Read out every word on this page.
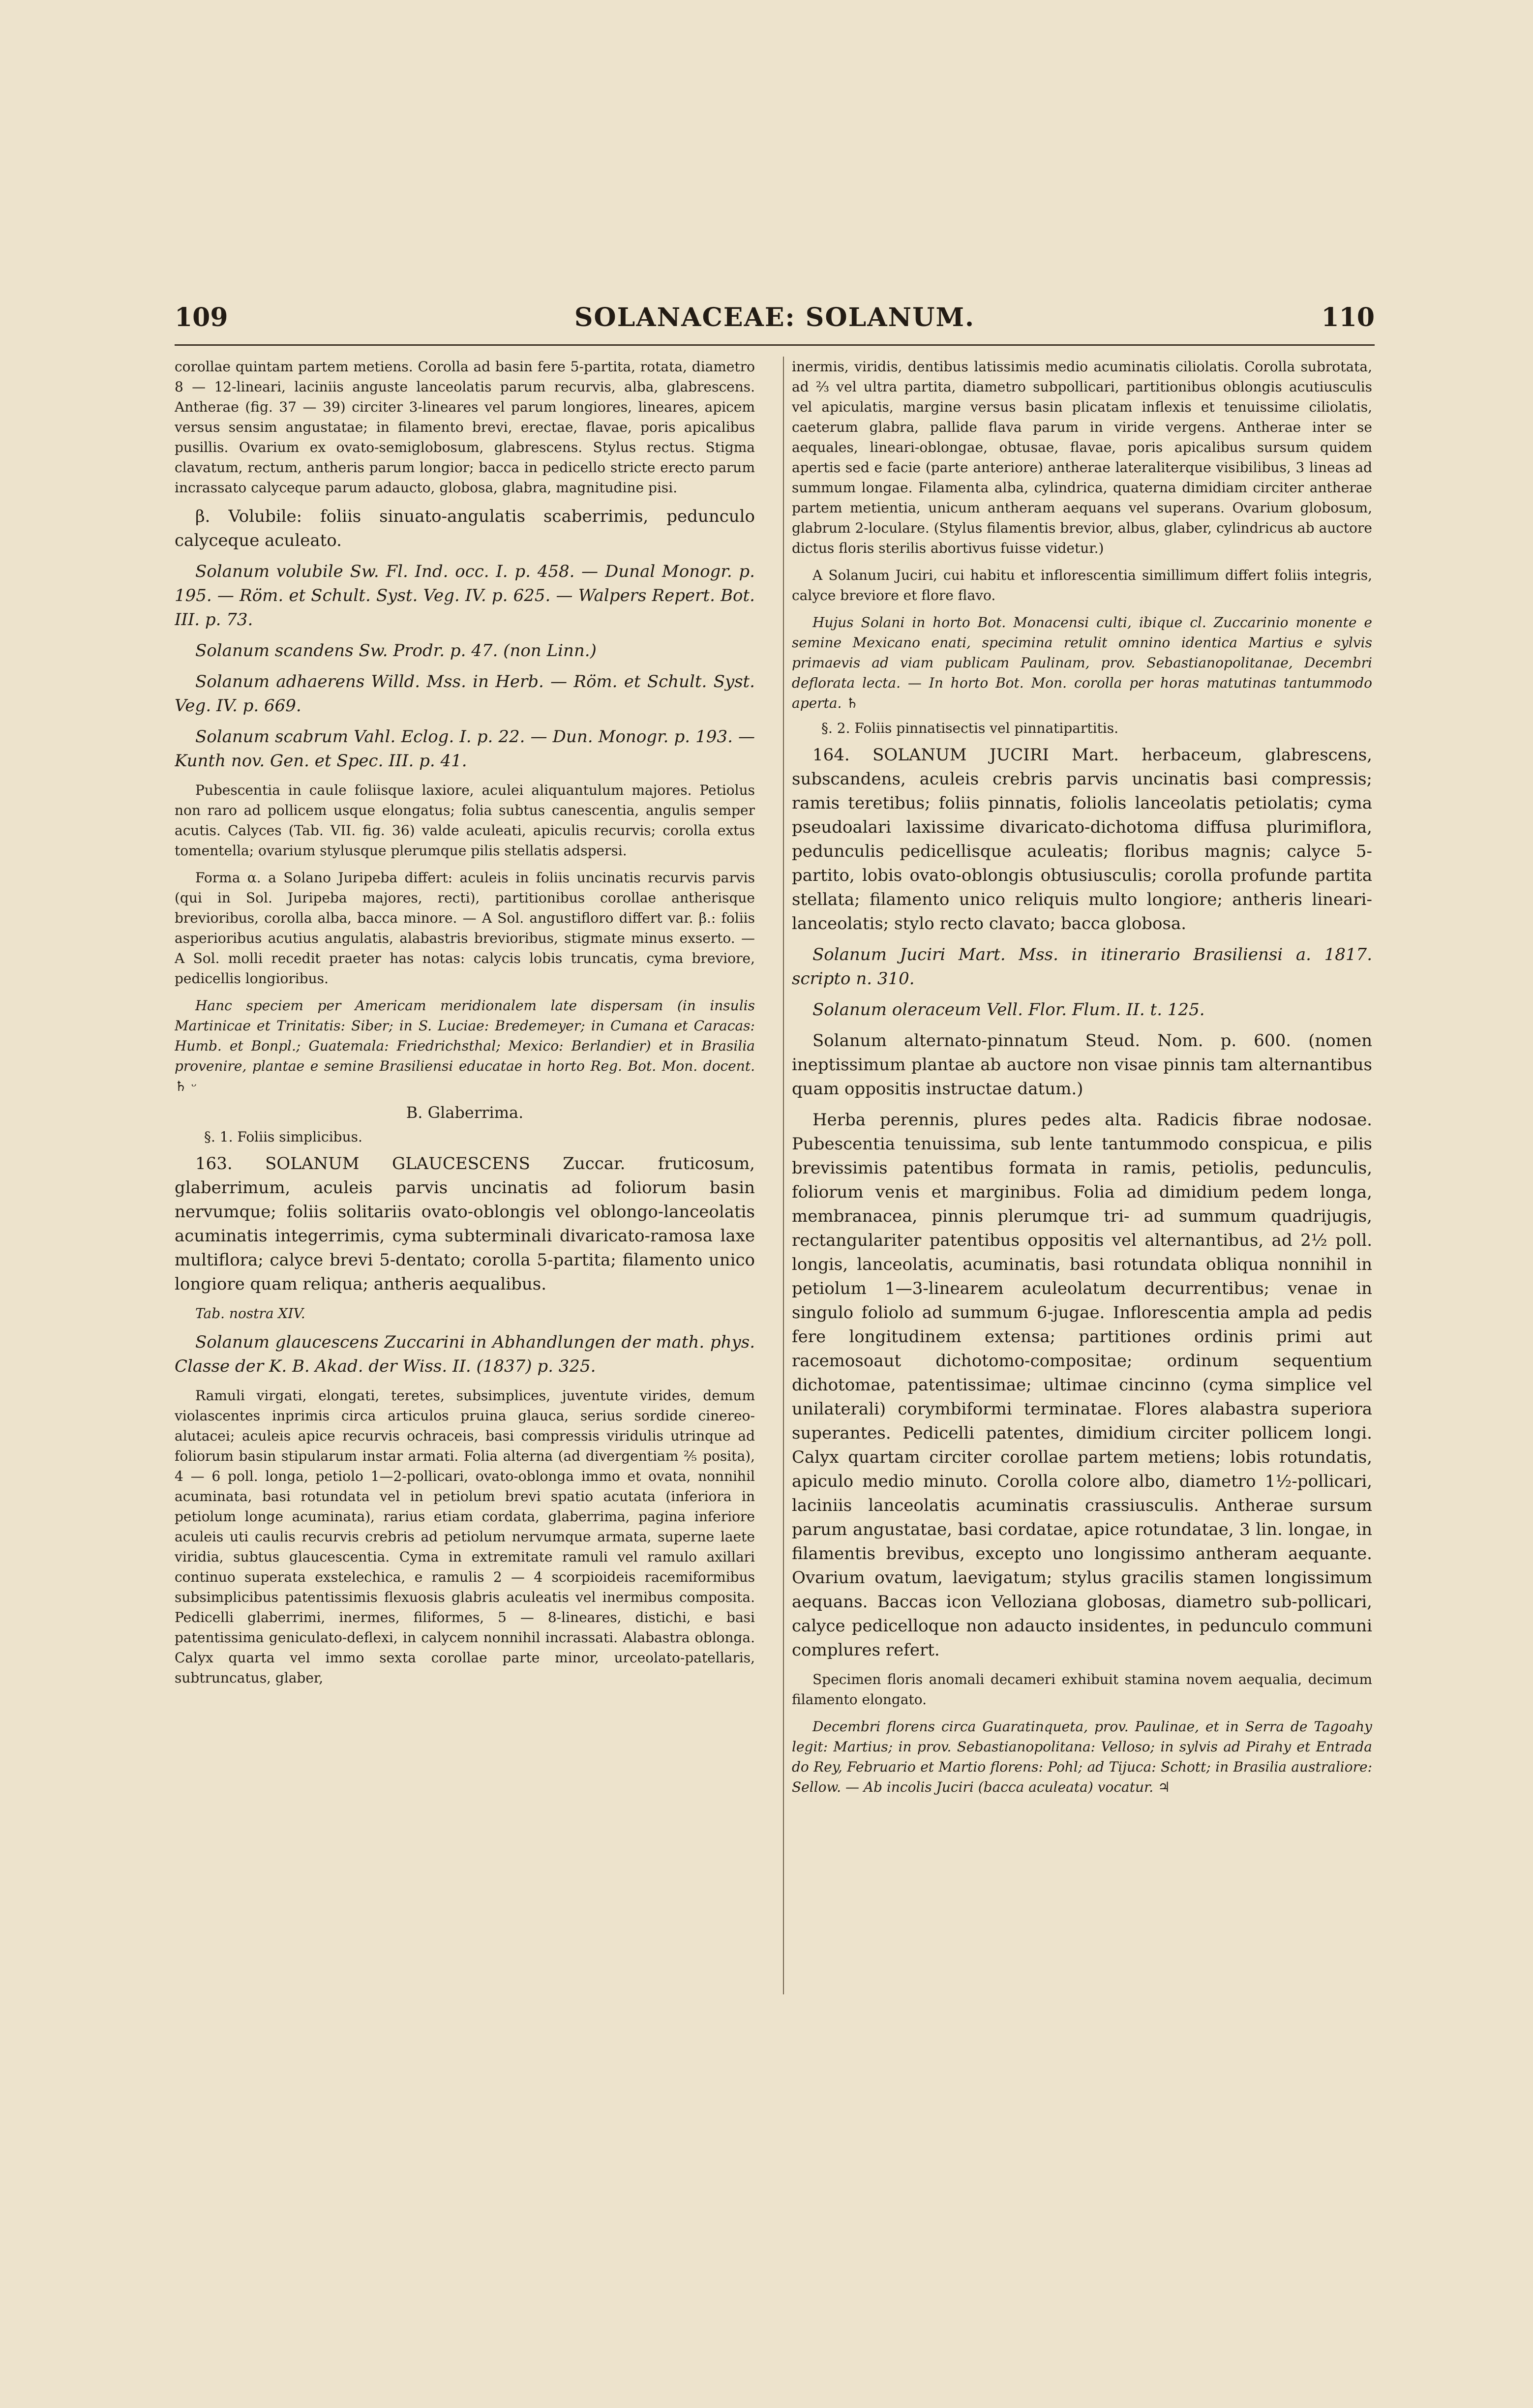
109	SOLANACEAE: SOLANUM.	110

corollae quintam partem metiens. Corolla ad basin fere 5-partita, rotata, diametro 8 — 12-lineari, laciniis anguste lanceolatis parum recurvis, alba, glabrescens. Antherae (fig. 37 — 39) circiter 3-lineares vel parum longiores, lineares, apicem versus sensim angustatae; in filamento brevi, erectae, flavae, poris apicalibus pusillis. Ovarium ex ovato-semiglobosum, glabrescens. Stylus rectus. Stigma clavatum, rectum, antheris parum longior; bacca in pedicello stricte erecto parum incrassato calyceque parum adaucto, globosa, glabra, magnitudine pisi.

β. Volubile: foliis sinuato-angulatis scaberrimis, pedunculo calyceque aculeato.

Solanum volubile Sw. Fl. Ind. occ. I. p. 458. — Dunal Monogr. p. 195. — Röm. et Schult. Syst. Veg. IV. p. 625. — Walpers Repert. Bot. III. p. 73.

Solanum scandens Sw. Prodr. p. 47. (non Linn.)

Solanum adhaerens Willd. Mss. in Herb. — Röm. et Schult. Syst. Veg. IV. p. 669.

Solanum scabrum Vahl. Eclog. I. p. 22. — Dun. Monogr. p. 193. — Kunth nov. Gen. et Spec. III. p. 41.

Pubescentia in caule foliisque laxiore, aculei aliquantulum majores. Petiolus non raro ad pollicem usque elongatus; folia subtus canescentia, angulis semper acutis. Calyces (Tab. VII. fig. 36) valde aculeati, apiculis recurvis; corolla extus tomentella; ovarium stylusque plerumque pilis stellatis adspersi.

Forma α. a Solano Juripeba differt: aculeis in foliis uncinatis recurvis parvis (qui in Sol. Juripeba majores, recti), partitionibus corollae antherisque brevioribus, corolla alba, bacca minore. — A Sol. angustifloro differt var. β.: foliis asperioribus acutius angulatis, alabastris brevioribus, stigmate minus exserto. — A Sol. molli recedit praeter has notas: calycis lobis truncatis, cyma breviore, pedicellis longioribus.

Hanc speciem per Americam meridionalem late dispersam (in insulis Martinicae et Trinitatis: Siber; in S. Luciae: Bredemeyer; in Cumana et Caracas: Humb. et Bonpl.; Guatemala: Friedrichsthal; Mexico: Berlandier) et in Brasilia provenire, plantae e semine Brasiliensi educatae in horto Reg. Bot. Mon. docent. ♄ ᵕ

B. Glaberrima.
§. 1. Foliis simplicibus.

163. SOLANUM GLAUCESCENS Zuccar. fruticosum, glaberrimum, aculeis parvis uncinatis ad foliorum basin nervumque; foliis solitariis ovato-oblongis vel oblongo-lanceolatis acuminatis integerrimis, cyma subterminali divaricato-ramosa laxe multiflora; calyce brevi 5-dentato; corolla 5-partita; filamento unico longiore quam reliqua; antheris aequalibus.

Tab. nostra XIV.

Solanum glaucescens Zuccarini in Abhandlungen der math. phys. Classe der K. B. Akad. der Wiss. II. (1837) p. 325.

Ramuli virgati, elongati, teretes, subsimplices, juventute virides, demum violascentes inprimis circa articulos pruina glauca, serius sordide cinereo-alutacei; aculeis apice recurvis ochraceis, basi compressis viridulis utrinque ad foliorum basin stipularum instar armati. Folia alterna (ad divergentiam ⅖ posita), 4 — 6 poll. longa, petiolo 1—2-pollicari, ovato-oblonga immo et ovata, nonnihil acuminata, basi rotundata vel in petiolum brevi spatio acutata (inferiora in petiolum longe acuminata), rarius etiam cordata, glaberrima, pagina inferiore aculeis uti caulis recurvis crebris ad petiolum nervumque armata, superne laete viridia, subtus glaucescentia. Cyma in extremitate ramuli vel ramulo axillari continuo superata exstelechica, e ramulis 2 — 4 scorpioideis racemiformibus subsimplicibus patentissimis flexuosis glabris aculeatis vel inermibus composita. Pedicelli glaberrimi, inermes, filiformes, 5 — 8-lineares, distichi, e basi patentissima geniculato-deflexi, in calycem nonnihil incrassati. Alabastra oblonga. Calyx quarta vel immo sexta corollae parte minor, urceolato-patellaris, subtruncatus, glaber,

inermis, viridis, dentibus latissimis medio acuminatis ciliolatis. Corolla subrotata, ad ⅔ vel ultra partita, diametro subpollicari, partitionibus oblongis acutiusculis vel apiculatis, margine versus basin plicatam inflexis et tenuissime ciliolatis, caeterum glabra, pallide flava parum in viride vergens. Antherae inter se aequales, lineari-oblongae, obtusae, flavae, poris apicalibus sursum quidem apertis sed e facie (parte anteriore) antherae lateraliterque visibilibus, 3 lineas ad summum longae. Filamenta alba, cylindrica, quaterna dimidiam circiter antherae partem metientia, unicum antheram aequans vel superans. Ovarium globosum, glabrum 2-loculare. (Stylus filamentis brevior, albus, glaber, cylindricus ab auctore dictus floris sterilis abortivus fuisse videtur.)

A Solanum Juciri, cui habitu et inflorescentia simillimum differt foliis integris, calyce breviore et flore flavo.

Hujus Solani in horto Bot. Monacensi culti, ibique cl. Zuccarinio monente e semine Mexicano enati, specimina retulit omnino identica Martius e sylvis primaevis ad viam publicam Paulinam, prov. Sebastianopolitanae, Decembri deflorata lecta. — In horto Bot. Mon. corolla per horas matutinas tantummodo aperta. ♄

§. 2. Foliis pinnatisectis vel pinnatipartitis.

164. SOLANUM JUCIRI Mart. herbaceum, glabrescens, subscandens, aculeis crebris parvis uncinatis basi compressis; ramis teretibus; foliis pinnatis, foliolis lanceolatis petiolatis; cyma pseudoalari laxissime divaricato-dichotoma diffusa plurimiflora, pedunculis pedicellisque aculeatis; floribus magnis; calyce 5-partito, lobis ovato-oblongis obtusiusculis; corolla profunde partita stellata; filamento unico reliquis multo longiore; antheris lineari-lanceolatis; stylo recto clavato; bacca globosa.

Solanum Juciri Mart. Mss. in itinerario Brasiliensi a. 1817. scripto n. 310.

Solanum oleraceum Vell. Flor. Flum. II. t. 125.

Solanum alternato-pinnatum Steud. Nom. p. 600. (nomen ineptissimum plantae ab auctore non visae pinnis tam alternantibus quam oppositis instructae datum.)

Herba perennis, plures pedes alta. Radicis fibrae nodosae. Pubescentia tenuissima, sub lente tantummodo conspicua, e pilis brevissimis patentibus formata in ramis, petiolis, pedunculis, foliorum venis et marginibus. Folia ad dimidium pedem longa, membranacea, pinnis plerumque tri- ad summum quadrijugis, rectangulariter patentibus oppositis vel alternantibus, ad 2½ poll. longis, lanceolatis, acuminatis, basi rotundata obliqua nonnihil in petiolum 1—3-linearem aculeolatum decurrentibus; venae in singulo foliolo ad summum 6-jugae. Inflorescentia ampla ad pedis fere longitudinem extensa; partitiones ordinis primi aut racemosoaut dichotomo-compositae; ordinum sequentium dichotomae, patentissimae; ultimae cincinno (cyma simplice vel unilaterali) corymbiformi terminatae. Flores alabastra superiora superantes. Pedicelli patentes, dimidium circiter pollicem longi. Calyx quartam circiter corollae partem metiens; lobis rotundatis, apiculo medio minuto. Corolla colore albo, diametro 1½-pollicari, laciniis lanceolatis acuminatis crassiusculis. Antherae sursum parum angustatae, basi cordatae, apice rotundatae, 3 lin. longae, in filamentis brevibus, excepto uno longissimo antheram aequante. Ovarium ovatum, laevigatum; stylus gracilis stamen longissimum aequans. Baccas icon Velloziana globosas, diametro sub-pollicari, calyce pedicelloque non adaucto insidentes, in pedunculo communi complures refert.

Specimen floris anomali decameri exhibuit stamina novem aequalia, decimum filamento elongato.

Decembri florens circa Guaratinqueta, prov. Paulinae, et in Serra de Tagoahy legit: Martius; in prov. Sebastianopolitana: Velloso; in sylvis ad Pirahy et Entrada do Rey, Februario et Martio florens: Pohl; ad Tijuca: Schott; in Brasilia australiore: Sellow. — Ab incolis Juciri (bacca aculeata) vocatur. ♃
